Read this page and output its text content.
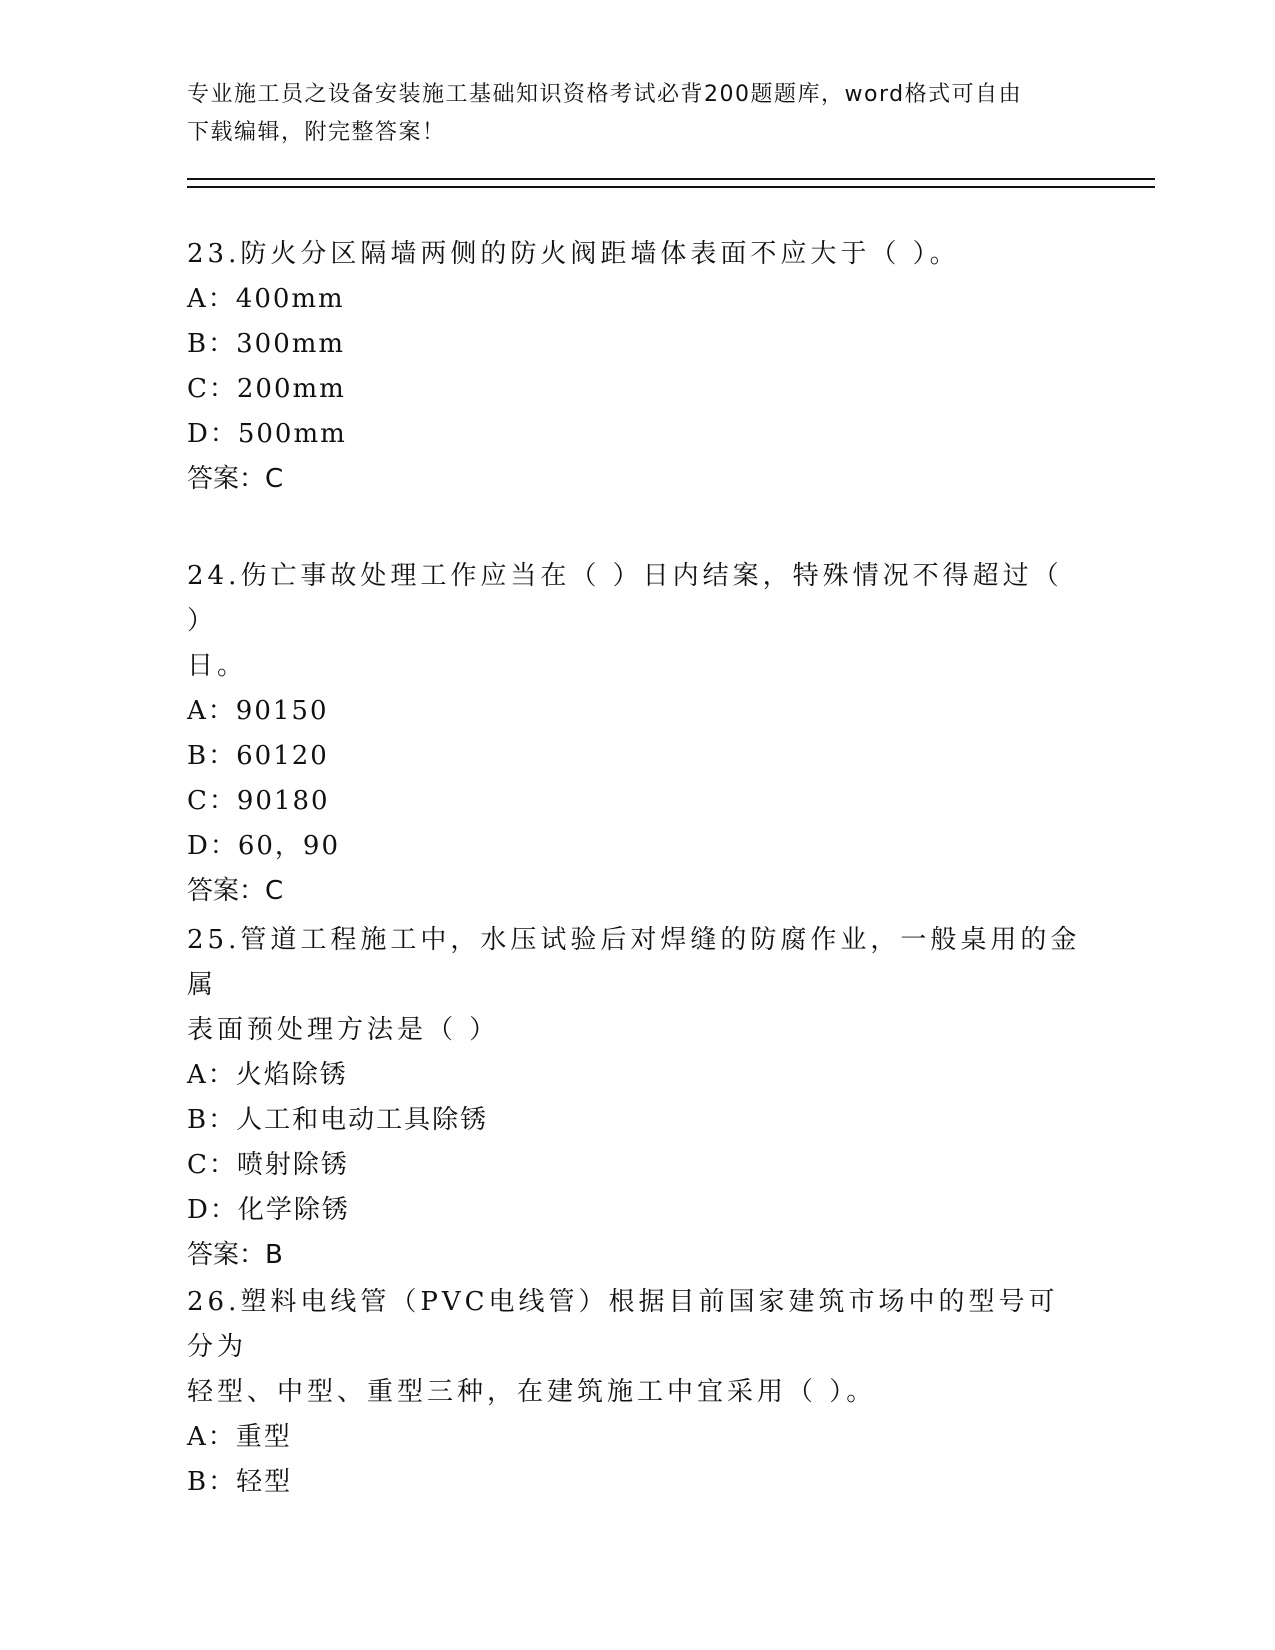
专业施工员之设备安装施工基础知识资格考试必背200题题库，word格式可自由
下载编辑，附完整答案！

23.防火分区隔墙两侧的防火阀距墙体表面不应大于（ ）。

A：400mm

B：300mm

C：200mm

D：500mm

答案：C

24.伤亡事故处理工作应当在（ ）日内结案，特殊情况不得超过（ ）

日。

A：90150

B：60120

C：90180

D：60，90

答案：C

25.管道工程施工中，水压试验后对焊缝的防腐作业，一般桌用的金属

表面预处理方法是（ ）

A：火焰除锈

B：人工和电动工具除锈

C：喷射除锈

D：化学除锈

答案：B

26.塑料电线管（PVC电线管）根据目前国家建筑市场中的型号可分为

轻型、中型、重型三种，在建筑施工中宜采用（ ）。

A：重型

B：轻型
